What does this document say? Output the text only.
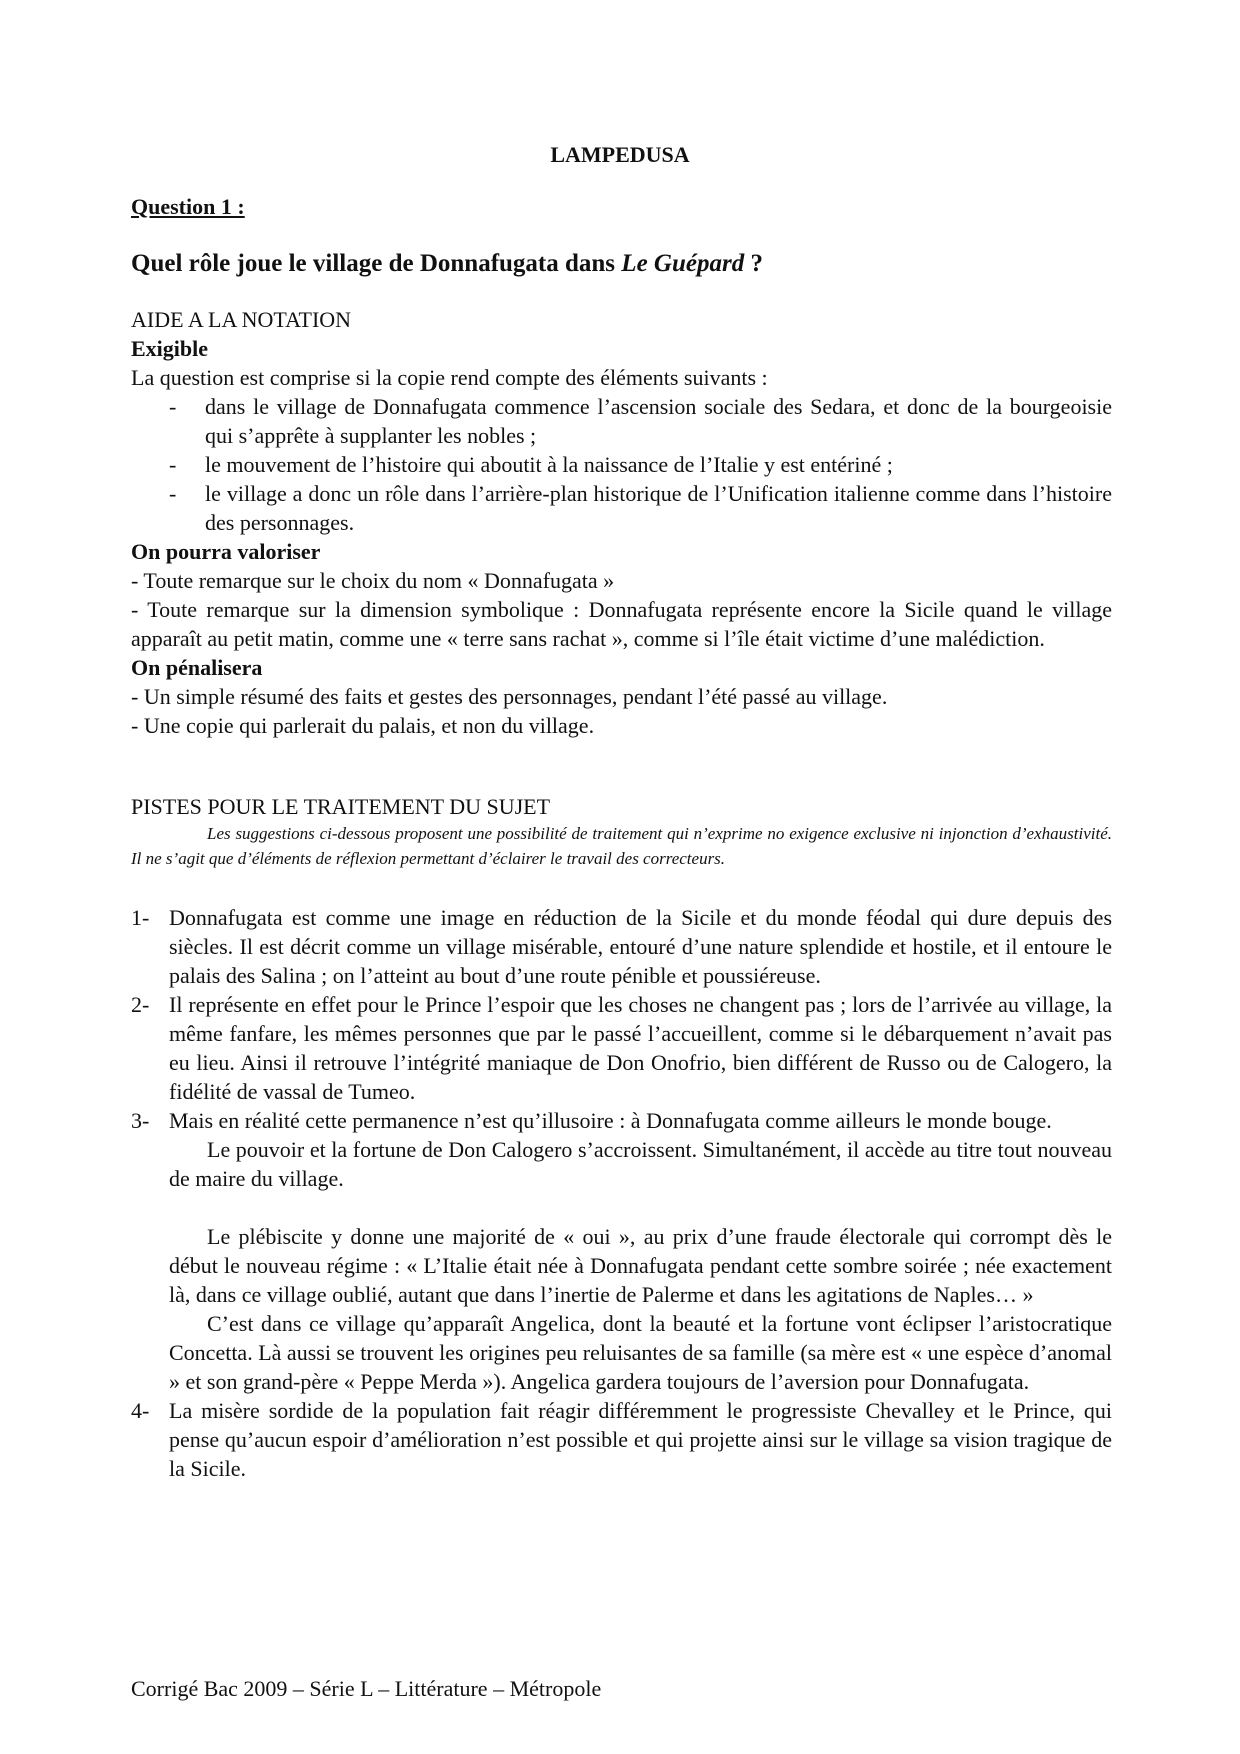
LAMPEDUSA
Question 1 :
Quel rôle joue le village de Donnafugata dans Le Guépard ?
AIDE A LA NOTATION
Exigible
La question est comprise si la copie rend compte des éléments suivants :
- dans le village de Donnafugata commence l’ascension sociale des Sedara, et donc de la bourgeoisie qui s’apprête à supplanter les nobles ;
- le mouvement de l’histoire qui aboutit à la naissance de l’Italie y est entériné ;
- le village a donc un rôle dans l’arrière-plan historique de l’Unification italienne comme dans l’histoire des personnages.
On pourra valoriser
- Toute remarque sur le choix du nom « Donnafugata »
- Toute remarque sur la dimension symbolique : Donnafugata représente encore la Sicile quand le village apparaît au petit matin, comme une « terre sans rachat », comme si l’île était victime d’une malédiction.
On pénalisera
- Un simple résumé des faits et gestes des personnages, pendant l’été passé au village.
- Une copie qui parlerait du palais, et non du village.
PISTES POUR LE TRAITEMENT DU SUJET

Les suggestions ci-dessous proposent une possibilité de traitement qui n’exprime no exigence exclusive ni injonction d’exhaustivité. Il ne s’agit que d’éléments de réflexion permettant d’éclairer le travail des correcteurs.

1- Donnafugata est comme une image en réduction de la Sicile et du monde féodal qui dure depuis des siècles. Il est décrit comme un village misérable, entouré d’une nature splendide et hostile, et il entoure le palais des Salina ; on l’atteint au bout d’une route pénible et poussiéreuse.

2- Il représente en effet pour le Prince l’espoir que les choses ne changent pas ; lors de l’arrivée au village, la même fanfare, les mêmes personnes que par le passé l’accueillent, comme si le débarquement n’avait pas eu lieu. Ainsi il retrouve l’intégrité maniaque de Don Onofrio, bien différent de Russo ou de Calogero, la fidélité de vassal de Tumeo.

3- Mais en réalité cette permanence n’est qu’illusoire : à Donnafugata comme ailleurs le monde bouge.

Le pouvoir et la fortune de Don Calogero s’accroissent. Simultanément, il accède au titre tout nouveau de maire du village.

Le plébiscite y donne une majorité de « oui », au prix d’une fraude électorale qui corrompt dès le début le nouveau régime : « L’Italie était née à Donnafugata pendant cette sombre soirée ; née exactement là, dans ce village oublié, autant que dans l’inertie de Palerme et dans les agitations de Naples… »

C’est dans ce village qu’apparaît Angelica, dont la beauté et la fortune vont éclipser l’aristocratique Concetta. Là aussi se trouvent les origines peu reluisantes de sa famille (sa mère est « une espèce d’anomal » et son grand-père « Peppe Merda »). Angelica gardera toujours de l’aversion pour Donnafugata.

4- La misère sordide de la population fait réagir différemment le progressiste Chevalley et le Prince, qui pense qu’aucun espoir d’amélioration n’est possible et qui projette ainsi sur le village sa vision tragique de la Sicile.

Corrigé Bac 2009 – Série L – Littérature – Métropole
